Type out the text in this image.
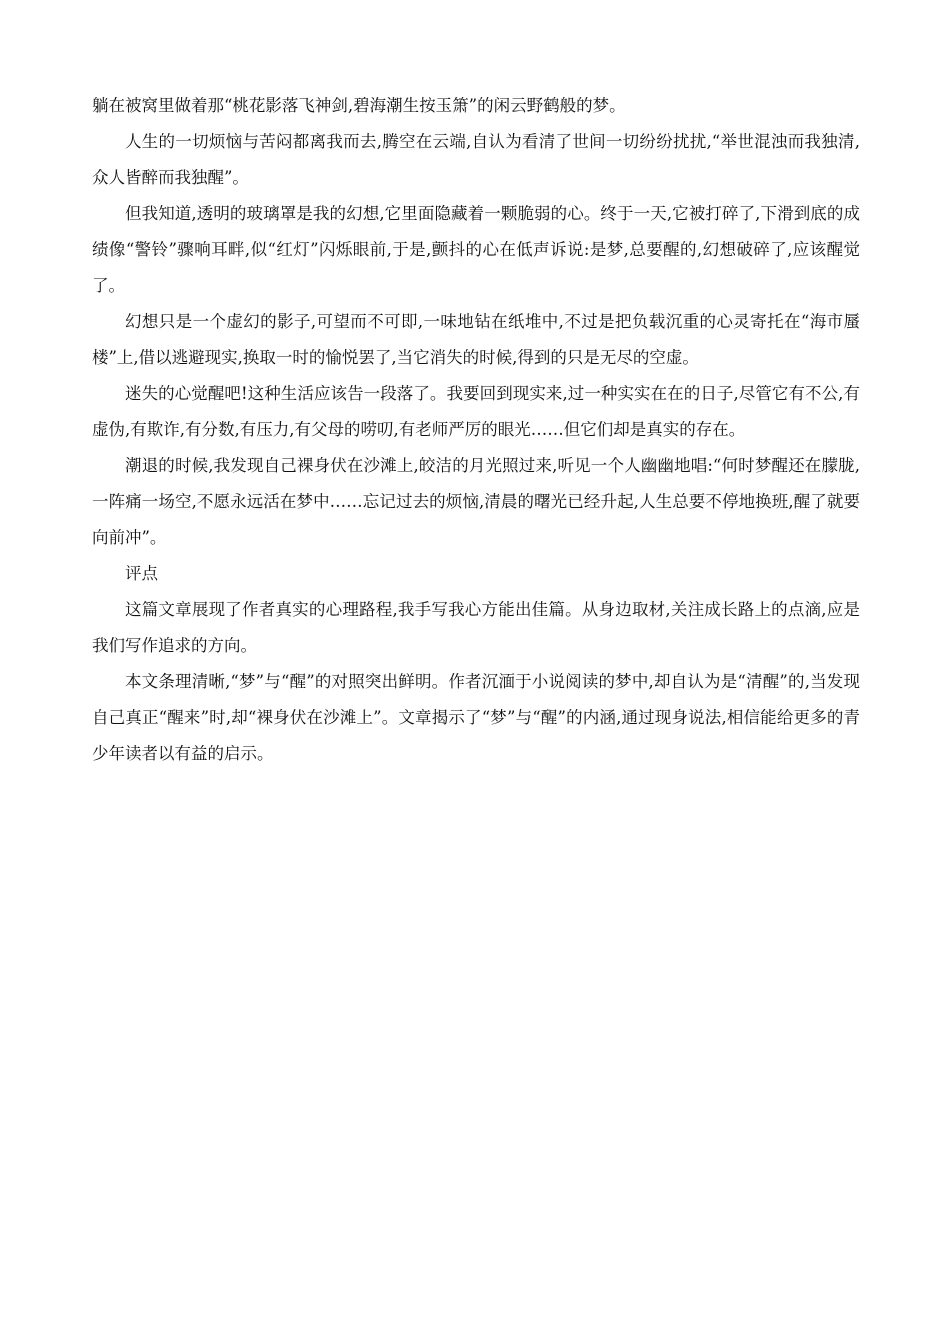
躺在被窝里做着那“桃花影落飞神剑,碧海潮生按玉箫”的闲云野鹤般的梦。

人生的一切烦恼与苦闷都离我而去,腾空在云端,自认为看清了世间一切纷纷扰扰,“举世混浊而我独清,众人皆醉而我独醒”。

但我知道,透明的玻璃罩是我的幻想,它里面隐藏着一颗脆弱的心。终于一天,它被打碎了,下滑到底的成绩像“警铃”骤响耳畔,似“红灯”闪烁眼前,于是,颤抖的心在低声诉说:是梦,总要醒的,幻想破碎了,应该醒觉了。

幻想只是一个虚幻的影子,可望而不可即,一味地钻在纸堆中,不过是把负载沉重的心灵寄托在“海市蜃楼”上,借以逃避现实,换取一时的愉悦罢了,当它消失的时候,得到的只是无尽的空虚。

迷失的心觉醒吧!这种生活应该告一段落了。我要回到现实来,过一种实实在在的日子,尽管它有不公,有虚伪,有欺诈,有分数,有压力,有父母的唠叨,有老师严厉的眼光……但它们却是真实的存在。

潮退的时候,我发现自己裸身伏在沙滩上,皎洁的月光照过来,听见一个人幽幽地唱:“何时梦醒还在朦胧,一阵痛一场空,不愿永远活在梦中……忘记过去的烦恼,清晨的曙光已经升起,人生总要不停地换班,醒了就要向前冲”。

评点

这篇文章展现了作者真实的心理路程,我手写我心方能出佳篇。从身边取材,关注成长路上的点滴,应是我们写作追求的方向。

本文条理清晰,“梦”与“醒”的对照突出鲜明。作者沉湎于小说阅读的梦中,却自认为是“清醒”的,当发现自己真正“醒来”时,却“裸身伏在沙滩上”。文章揭示了“梦”与“醒”的内涵,通过现身说法,相信能给更多的青少年读者以有益的启示。
